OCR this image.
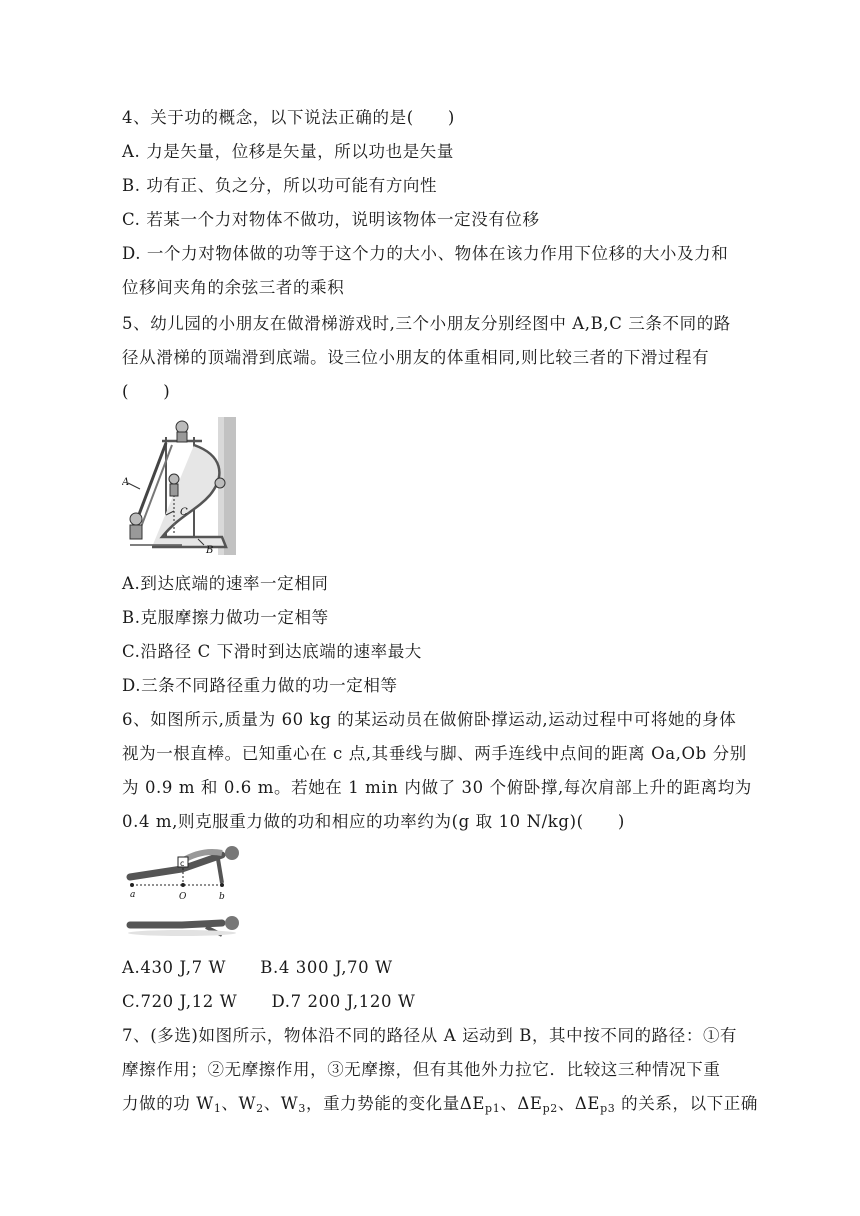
4、关于功的概念，以下说法正确的是(　　)
A. 力是矢量，位移是矢量，所以功也是矢量
B. 功有正、负之分，所以功可能有方向性
C. 若某一个力对物体不做功，说明该物体一定没有位移
D. 一个力对物体做的功等于这个力的大小、物体在该力作用下位移的大小及力和
位移间夹角的余弦三者的乘积
5、幼儿园的小朋友在做滑梯游戏时,三个小朋友分别经图中 A,B,C 三条不同的路
径从滑梯的顶端滑到底端。设三位小朋友的体重相同,则比较三者的下滑过程有
(　　)
A
C
B
A.到达底端的速率一定相同
B.克服摩擦力做功一定相等
C.沿路径 C 下滑时到达底端的速率最大
D.三条不同路径重力做的功一定相等
6、如图所示,质量为 60 kg 的某运动员在做俯卧撑运动,运动过程中可将她的身体
视为一根直棒。已知重心在 c 点,其垂线与脚、两手连线中点间的距离 Oa,Ob 分别
为 0.9 m 和 0.6 m。若她在 1 min 内做了 30 个俯卧撑,每次肩部上升的距离均为
0.4 m,则克服重力做的功和相应的功率约为(g 取 10 N/kg)(　　)
c
a	O	b
A.430 J,7 W　　B.4 300 J,70 W
C.720 J,12 W　　D.7 200 J,120 W
7、(多选)如图所示，物体沿不同的路径从 A 运动到 B，其中按不同的路径：①有
摩擦作用；②无摩擦作用，③无摩擦，但有其他外力拉它．比较这三种情况下重
力做的功 $W_1$、$W_2$、$W_3$，重力势能的变化量$\Delta E_{p1}$、$\Delta E_{p2}$、$\Delta E_{p3}$ 的关系，以下正确
